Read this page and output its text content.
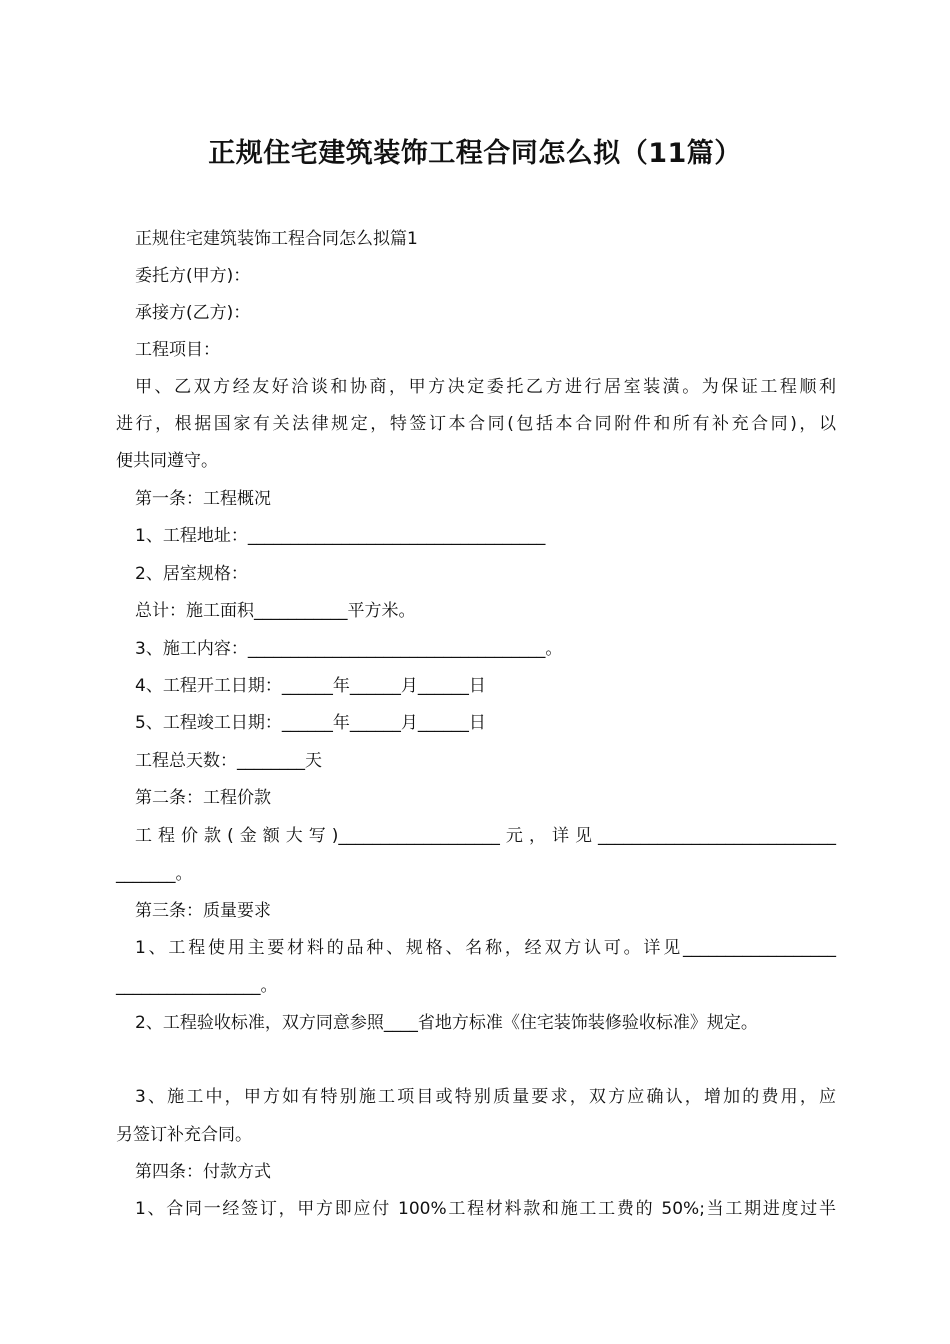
正规住宅建筑装饰工程合同怎么拟（11篇）
正规住宅建筑装饰工程合同怎么拟篇1
委托方(甲方)：
承接方(乙方)：
工程项目：
甲、乙双方经友好洽谈和协商，甲方决定委托乙方进行居室装潢。为保证工程顺利
进行，根据国家有关法律规定，特签订本合同(包括本合同附件和所有补充合同)，以
便共同遵守。
第一条：工程概况
1、工程地址：___________________________________
2、居室规格：
总计：施工面积___________平方米。
3、施工内容：___________________________________。
4、工程开工日期：______年______月______日
5、工程竣工日期：______年______月______日
工程总天数：________天
第二条：工程价款
工程价款(金额大写)___________________元，详见____________________________
_______。
第三条：质量要求
1、工程使用主要材料的品种、规格、名称，经双方认可。详见__________________
_________________。
2、工程验收标准，双方同意参照____省地方标准《住宅装饰装修验收标准》规定。
3、施工中，甲方如有特别施工项目或特别质量要求，双方应确认，增加的费用，应
另签订补充合同。
第四条：付款方式
1、合同一经签订，甲方即应付 100%工程材料款和施工工费的 50%;当工期进度过半
